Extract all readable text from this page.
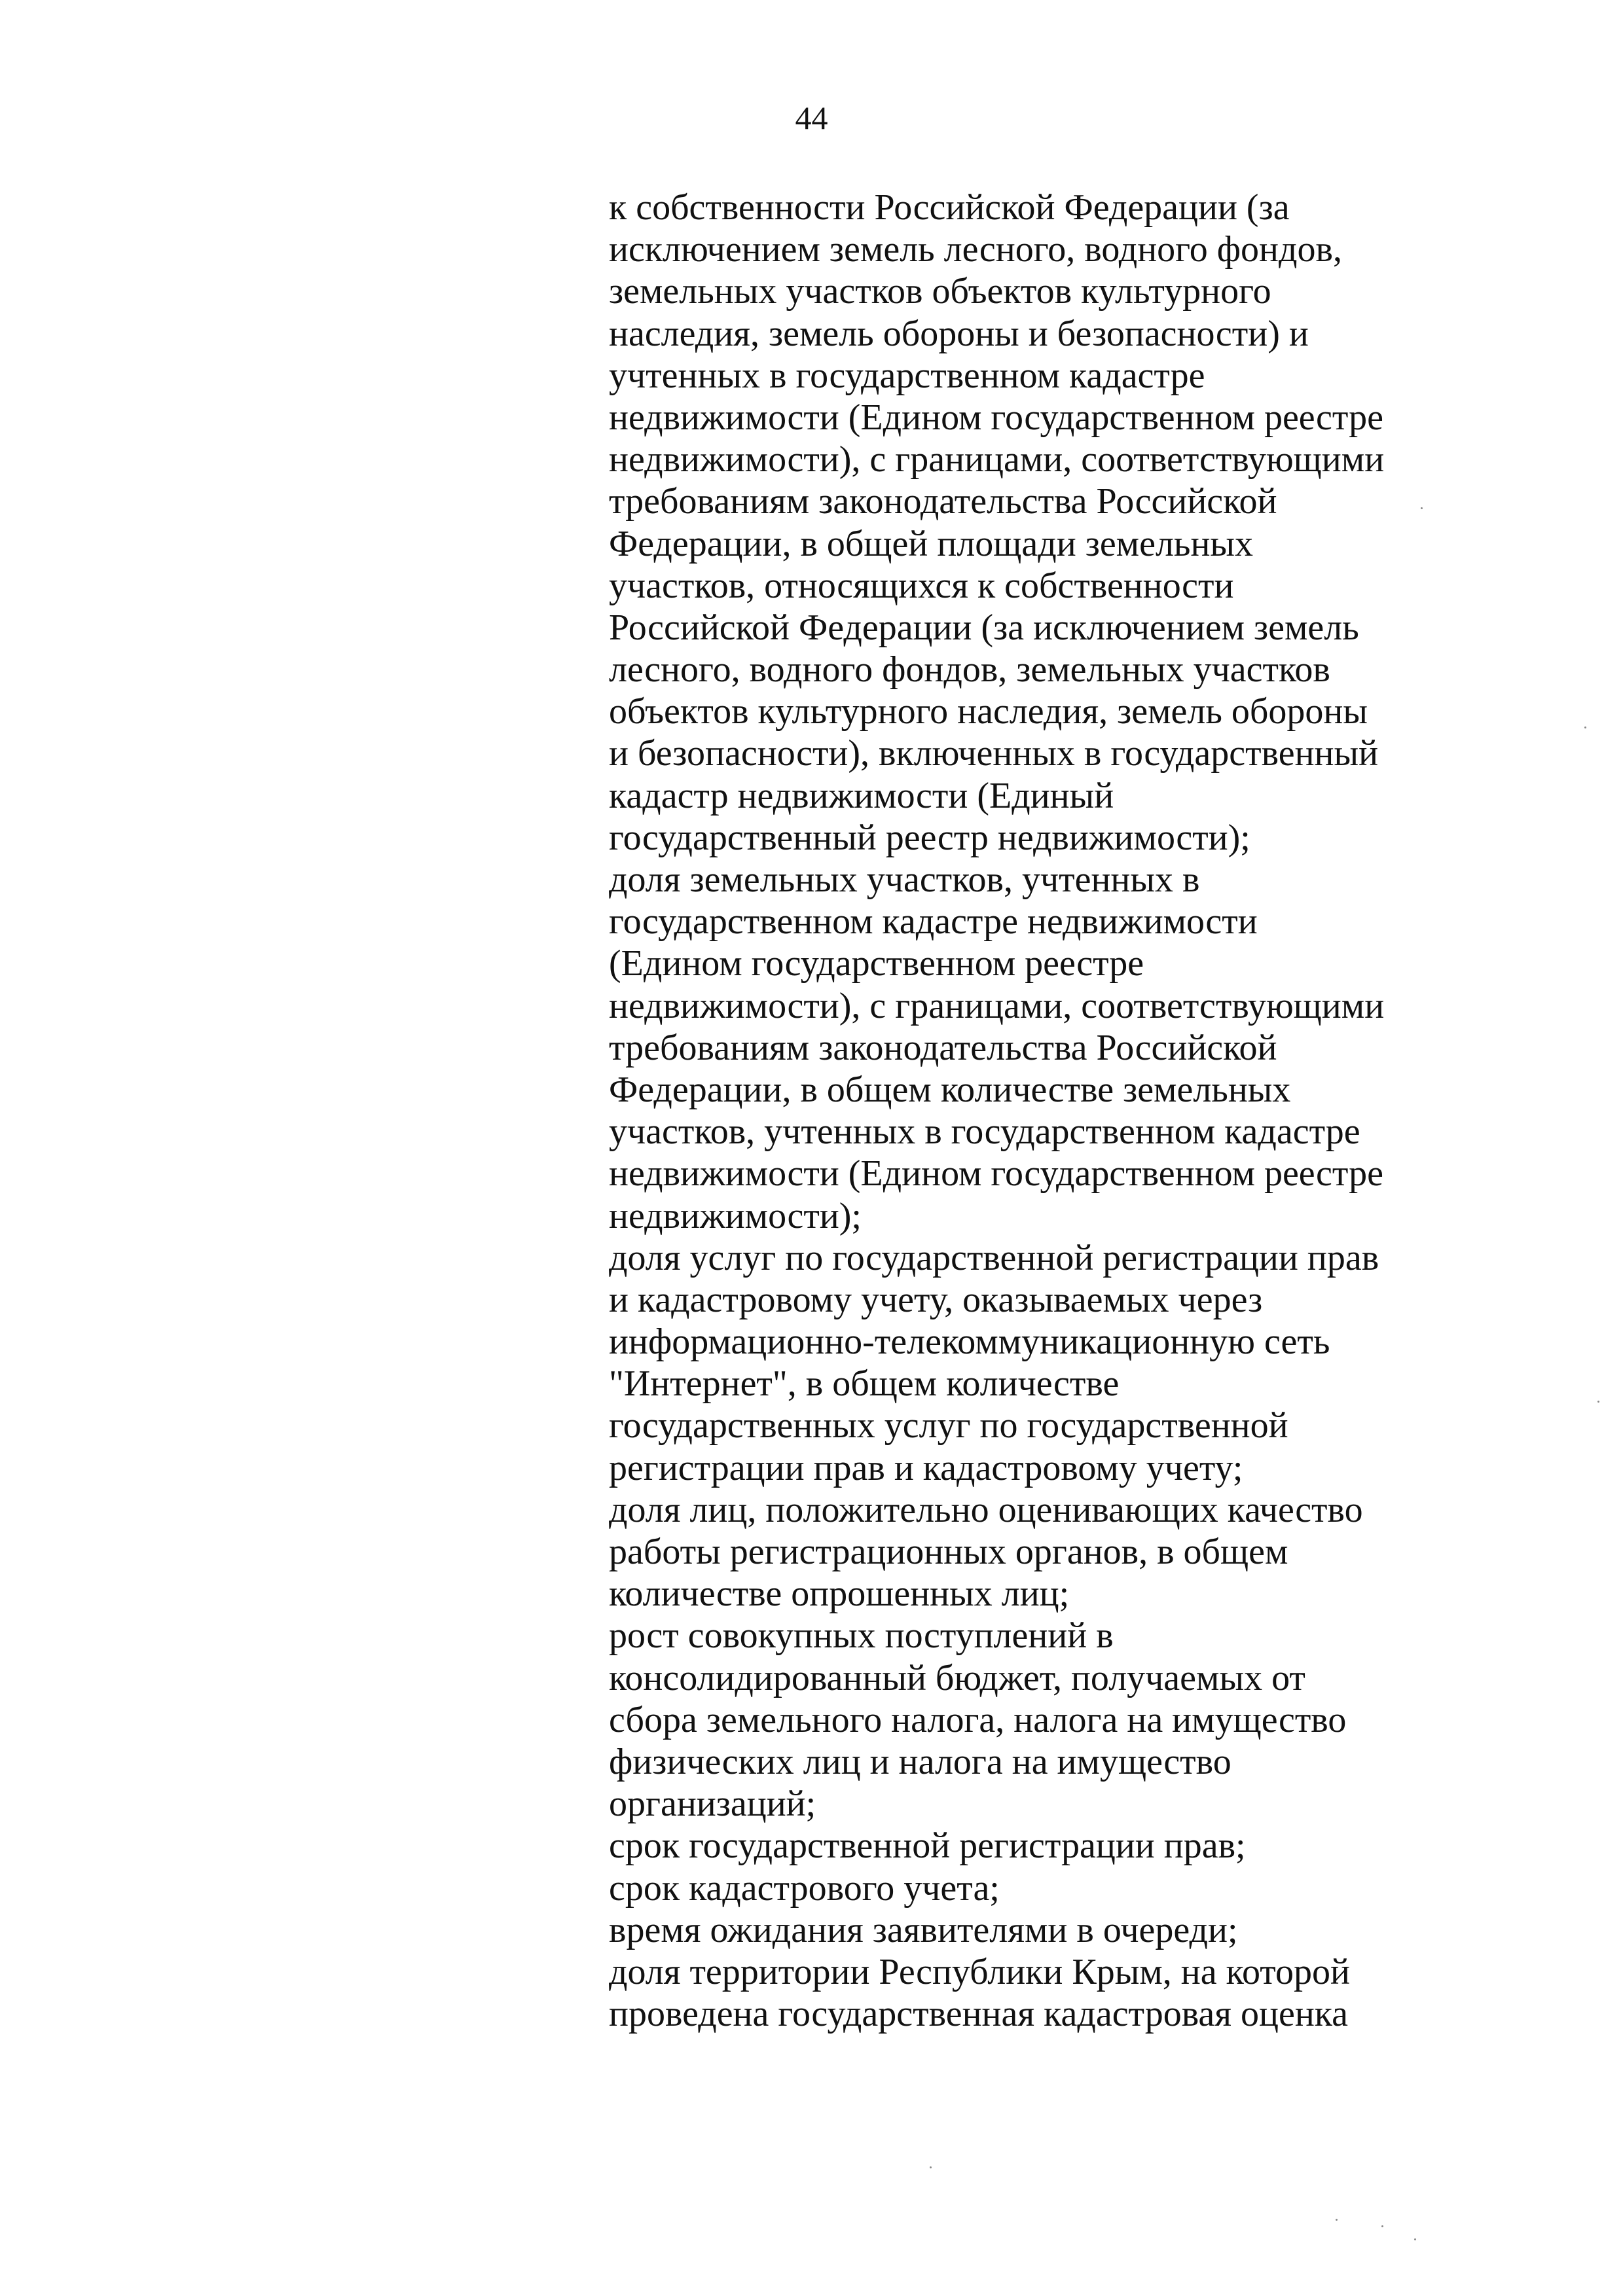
44
к собственности Российской Федерации (за
исключением земель лесного, водного фондов,
земельных участков объектов культурного
наследия, земель обороны и безопасности) и
учтенных в государственном кадастре
недвижимости (Едином государственном реестре
недвижимости), с границами, соответствующими
требованиям законодательства Российской
Федерации, в общей площади земельных
участков, относящихся к собственности
Российской Федерации (за исключением земель
лесного, водного фондов, земельных участков
объектов культурного наследия, земель обороны
и безопасности), включенных в государственный
кадастр недвижимости (Единый
государственный реестр недвижимости);
доля земельных участков, учтенных в
государственном кадастре недвижимости
(Едином государственном реестре
недвижимости), с границами, соответствующими
требованиям законодательства Российской
Федерации, в общем количестве земельных
участков, учтенных в государственном кадастре
недвижимости (Едином государственном реестре
недвижимости);
доля услуг по государственной регистрации прав
и кадастровому учету, оказываемых через
информационно-телекоммуникационную сеть
"Интернет", в общем количестве
государственных услуг по государственной
регистрации прав и кадастровому учету;
доля лиц, положительно оценивающих качество
работы регистрационных органов, в общем
количестве опрошенных лиц;
рост совокупных поступлений в
консолидированный бюджет, получаемых от
сбора земельного налога, налога на имущество
физических лиц и налога на имущество
организаций;
срок государственной регистрации прав;
срок кадастрового учета;
время ожидания заявителями в очереди;
доля территории Республики Крым, на которой
проведена государственная кадастровая оценка
